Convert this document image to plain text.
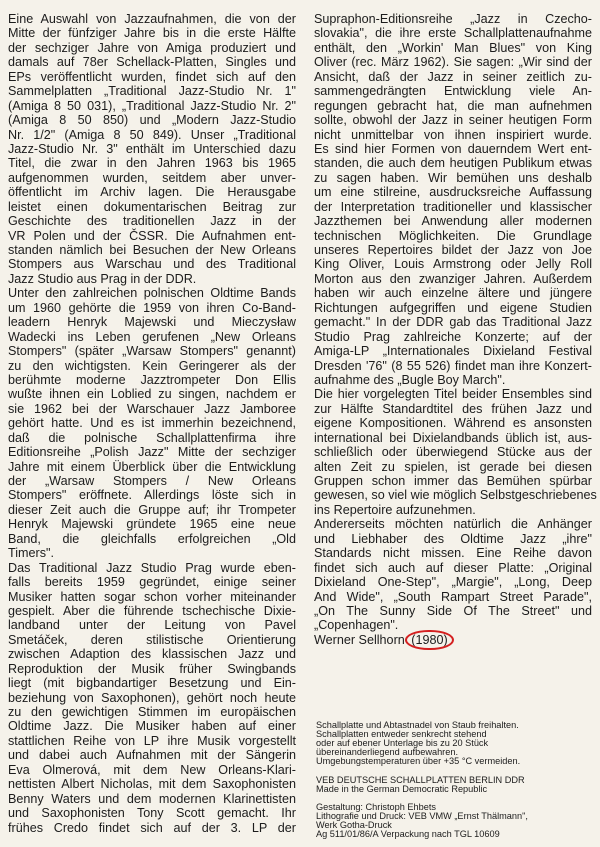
Eine Auswahl von Jazzaufnahmen, die von der
Mitte der fünfziger Jahre bis in die erste Hälfte
der sechziger Jahre von Amiga produziert und
damals auf 78er Schellack-Platten, Singles und
EPs veröffentlicht wurden, findet sich auf den
Sammelplatten „Traditional Jazz-Studio Nr. 1"
(Amiga 8 50 031), „Traditional Jazz-Studio Nr. 2"
(Amiga 8 50 850) und „Modern Jazz-Studio
Nr. 1/2" (Amiga 8 50 849). Unser „Traditional
Jazz-Studio Nr. 3" enthält im Unterschied dazu
Titel, die zwar in den Jahren 1963 bis 1965
aufgenommen wurden, seitdem aber unver-
öffentlicht im Archiv lagen. Die Herausgabe
leistet einen dokumentarischen Beitrag zur
Geschichte des traditionellen Jazz in der
VR Polen und der ČSSR. Die Aufnahmen ent-
standen nämlich bei Besuchen der New Orleans
Stompers aus Warschau und des Traditional
Jazz Studio aus Prag in der DDR.
Unter den zahlreichen polnischen Oldtime Bands
um 1960 gehörte die 1959 von ihren Co-Band-
leadern Henryk Majewski und Mieczysław
Wadecki ins Leben gerufenen „New Orleans
Stompers" (später „Warsaw Stompers" genannt)
zu den wichtigsten. Kein Geringerer als der
berühmte moderne Jazztrompeter Don Ellis
wußte ihnen ein Loblied zu singen, nachdem er
sie 1962 bei der Warschauer Jazz Jamboree
gehört hatte. Und es ist immerhin bezeichnend,
daß die polnische Schallplattenfirma ihre
Editionsreihe „Polish Jazz" Mitte der sechziger
Jahre mit einem Überblick über die Entwicklung
der „Warsaw Stompers / New Orleans
Stompers" eröffnete. Allerdings löste sich in
dieser Zeit auch die Gruppe auf; ihr Trompeter
Henryk Majewski gründete 1965 eine neue
Band, die gleichfalls erfolgreichen „Old
Timers".
Das Traditional Jazz Studio Prag wurde eben-
falls bereits 1959 gegründet, einige seiner
Musiker hatten sogar schon vorher miteinander
gespielt. Aber die führende tschechische Dixie-
landband unter der Leitung von Pavel
Smetáček, deren stilistische Orientierung
zwischen Adaption des klassischen Jazz und
Reproduktion der Musik früher Swingbands
liegt (mit bigbandartiger Besetzung und Ein-
beziehung von Saxophonen), gehört noch heute
zu den gewichtigen Stimmen im europäischen
Oldtime Jazz. Die Musiker haben auf einer
stattlichen Reihe von LP ihre Musik vorgestellt
und dabei auch Aufnahmen mit der Sängerin
Eva Olmerová, mit dem New Orleans-Klari-
nettisten Albert Nicholas, mit dem Saxophonisten
Benny Waters und dem modernen Klarinettisten
und Saxophonisten Tony Scott gemacht. Ihr
frühes Credo findet sich auf der 3. LP der
Supraphon-Editionsreihe „Jazz in Czecho-
slovakia", die ihre erste Schallplattenaufnahme
enthält, den „Workin' Man Blues" von King
Oliver (rec. März 1962). Sie sagen: „Wir sind der
Ansicht, daß der Jazz in seiner zeitlich zu-
sammengedrängten Entwicklung viele An-
regungen gebracht hat, die man aufnehmen
sollte, obwohl der Jazz in seiner heutigen Form
nicht unmittelbar von ihnen inspiriert wurde.
Es sind hier Formen von dauerndem Wert ent-
standen, die auch dem heutigen Publikum etwas
zu sagen haben. Wir bemühen uns deshalb
um eine stilreine, ausdrucksreiche Auffassung
der Interpretation traditioneller und klassischer
Jazzthemen bei Anwendung aller modernen
technischen Möglichkeiten. Die Grundlage
unseres Repertoires bildet der Jazz von Joe
King Oliver, Louis Armstrong oder Jelly Roll
Morton aus den zwanziger Jahren. Außerdem
haben wir auch einzelne ältere und jüngere
Richtungen aufgegriffen und eigene Studien
gemacht." In der DDR gab das Traditional Jazz
Studio Prag zahlreiche Konzerte; auf der
Amiga-LP „Internationales Dixieland Festival
Dresden '76" (8 55 526) findet man ihre Konzert-
aufnahme des „Bugle Boy March".
Die hier vorgelegten Titel beider Ensembles sind
zur Hälfte Standardtitel des frühen Jazz und
eigene Kompositionen. Während es ansonsten
international bei Dixielandbands üblich ist, aus-
schließlich oder überwiegend Stücke aus der
alten Zeit zu spielen, ist gerade bei diesen
Gruppen schon immer das Bemühen spürbar
gewesen, so viel wie möglich Selbstgeschriebenes
ins Repertoire aufzunehmen.
Andererseits möchten natürlich die Anhänger
und Liebhaber des Oldtime Jazz „ihre"
Standards nicht missen. Eine Reihe davon
findet sich auch auf dieser Platte: „Original
Dixieland One-Step", „Margie", „Long, Deep
And Wide", „South Rampart Street Parade",
„On The Sunny Side Of The Street" und
„Copenhagen".
Werner Sellhorn (1980)
Schallplatte und Abtastnadel von Staub freihalten.
Schallplatten entweder senkrecht stehend
oder auf ebener Unterlage bis zu 20 Stück
übereinanderliegend aufbewahren.
Umgebungstemperaturen über +35 °C vermeiden.
VEB DEUTSCHE SCHALLPLATTEN BERLIN DDR
Made in the German Democratic Republic
Gestaltung: Christoph Ehbets
Lithografie und Druck: VEB VMW „Ernst Thälmann",
Werk Gotha-Druck
Ag 511/01/86/A Verpackung nach TGL 10609
